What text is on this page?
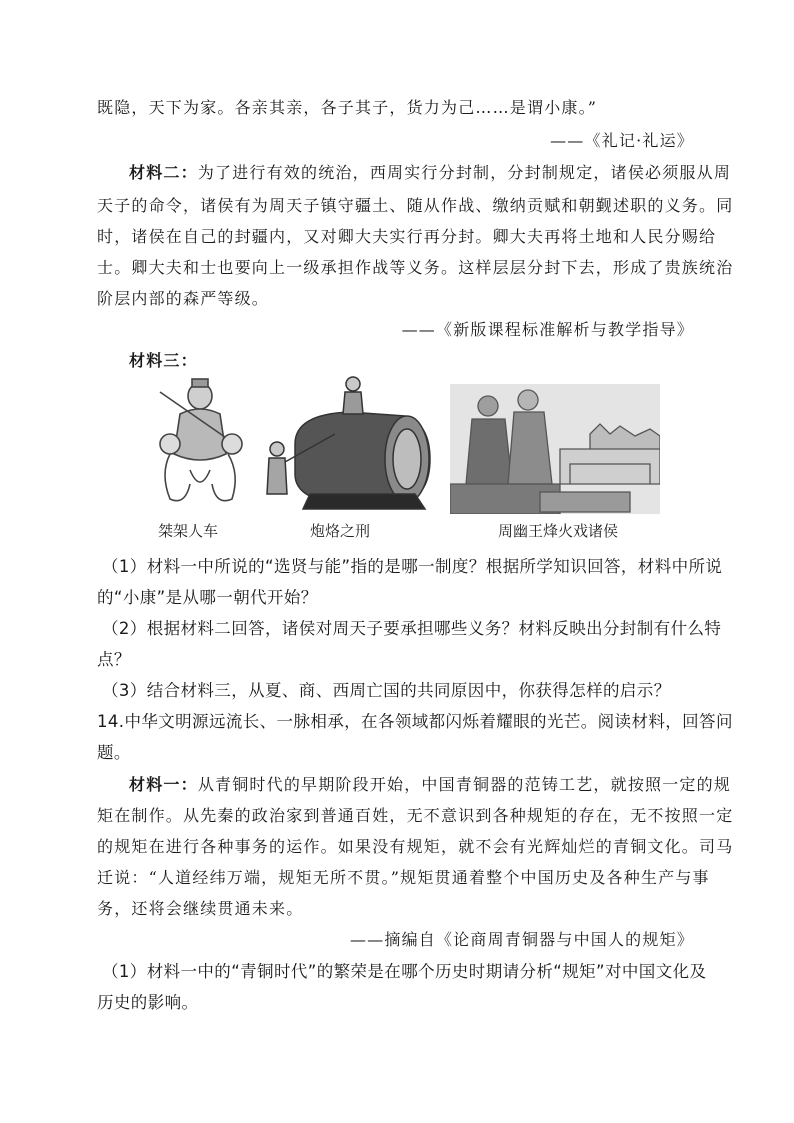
既隐，天下为家。各亲其亲，各子其子，货力为己……是谓小康。”
——《礼记·礼运》
材料二：为了进行有效的统治，西周实行分封制，分封制规定，诸侯必须服从周
天子的命令，诸侯有为周天子镇守疆土、随从作战、缴纳贡赋和朝觐述职的义务。同
时，诸侯在自己的封疆内，又对卿大夫实行再分封。卿大夫再将土地和人民分赐给
士。卿大夫和士也要向上一级承担作战等义务。这样层层分封下去，形成了贵族统治
阶层内部的森严等级。
——《新版课程标准解析与教学指导》
材料三：
桀架人车	炮烙之刑	周幽王烽火戏诸侯
（1）材料一中所说的“选贤与能”指的是哪一制度？根据所学知识回答，材料中所说
的“小康”是从哪一朝代开始？
（2）根据材料二回答，诸侯对周天子要承担哪些义务？材料反映出分封制有什么特
点？
（3）结合材料三，从夏、商、西周亡国的共同原因中，你获得怎样的启示？
14.中华文明源远流长、一脉相承，在各领域都闪烁着耀眼的光芒。阅读材料，回答问
题。
材料一：从青铜时代的早期阶段开始，中国青铜器的范铸工艺，就按照一定的规
矩在制作。从先秦的政治家到普通百姓，无不意识到各种规矩的存在，无不按照一定
的规矩在进行各种事务的运作。如果没有规矩，就不会有光辉灿烂的青铜文化。司马
迁说：“人道经纬万端，规矩无所不贯。”规矩贯通着整个中国历史及各种生产与事
务，还将会继续贯通未来。
——摘编自《论商周青铜器与中国人的规矩》
（1）材料一中的“青铜时代”的繁荣是在哪个历史时期请分析“规矩”对中国文化及
历史的影响。
